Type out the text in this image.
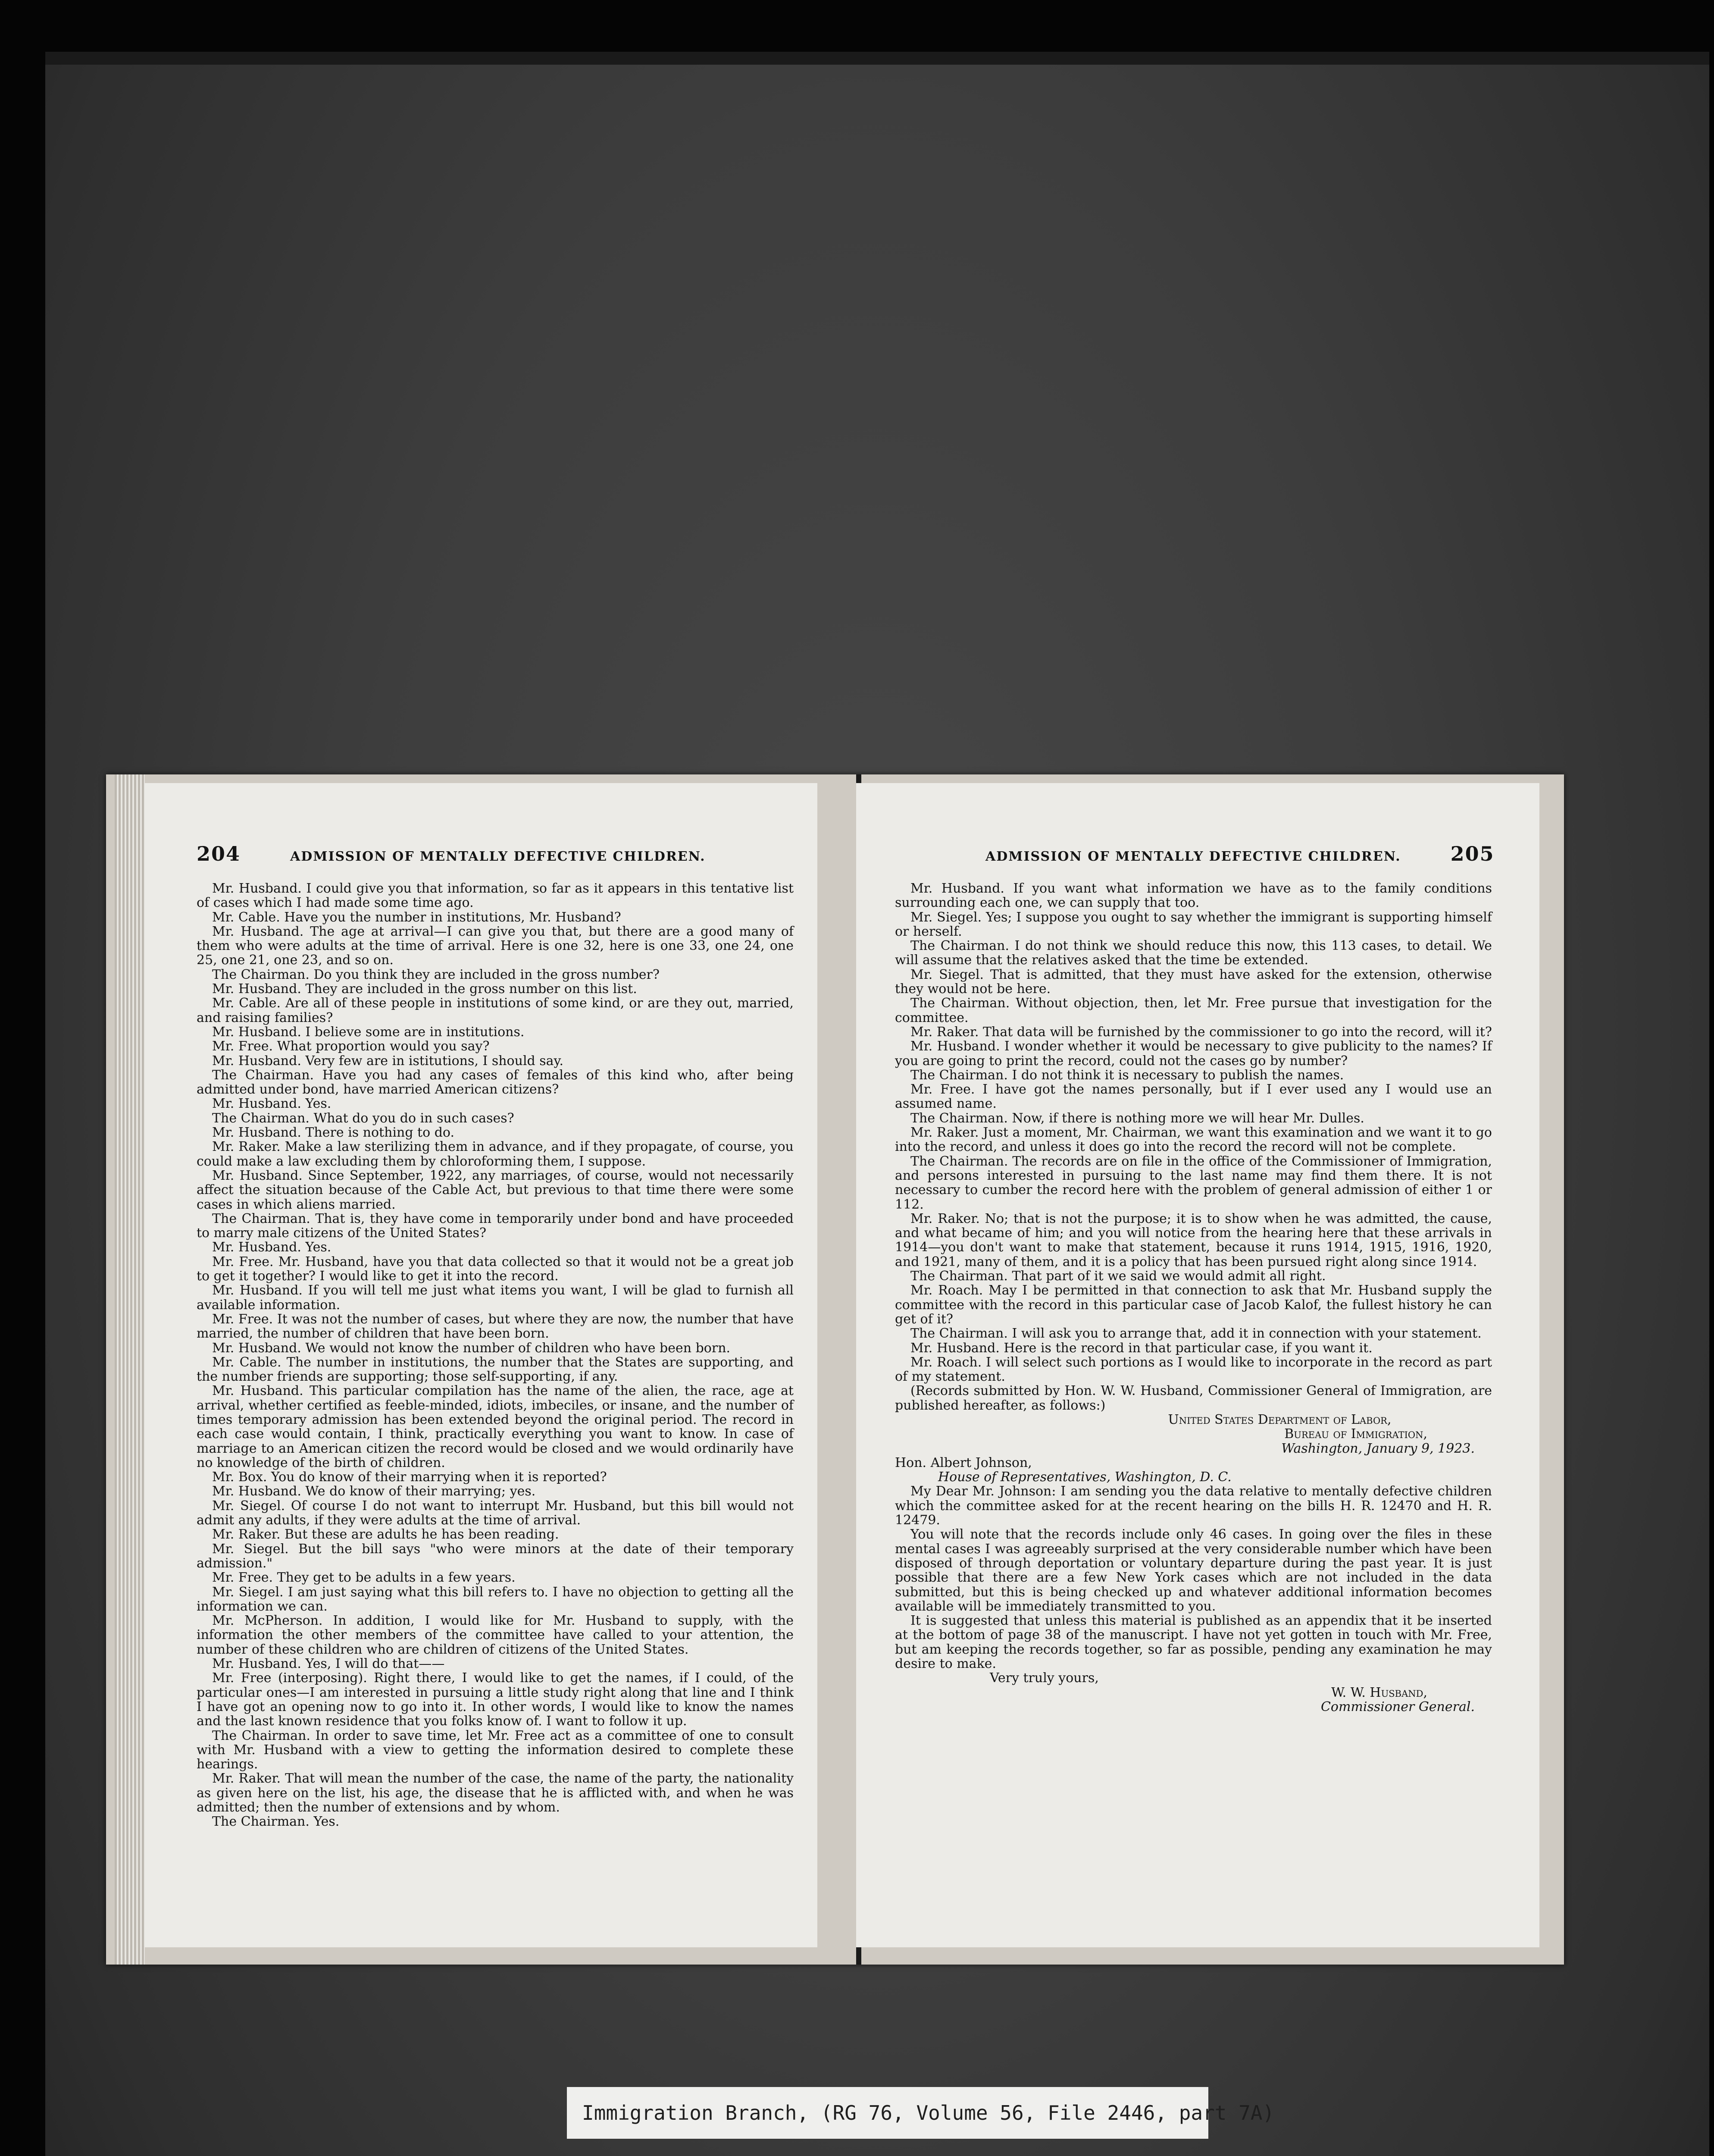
204	ADMISSION OF MENTALLY DEFECTIVE CHILDREN.

Mr. Husband. I could give you that information, so far as it appears in this tentative list of cases which I had made some time ago.

Mr. Cable. Have you the number in institutions, Mr. Husband?

Mr. Husband. The age at arrival—I can give you that, but there are a good many of them who were adults at the time of arrival. Here is one 32, here is one 33, one 24, one 25, one 21, one 23, and so on.

The Chairman. Do you think they are included in the gross number?

Mr. Husband. They are included in the gross number on this list.

Mr. Cable. Are all of these people in institutions of some kind, or are they out, married, and raising families?

Mr. Husband. I believe some are in institutions.

Mr. Free. What proportion would you say?

Mr. Husband. Very few are in istitutions, I should say.

The Chairman. Have you had any cases of females of this kind who, after being admitted under bond, have married American citizens?

Mr. Husband. Yes.

The Chairman. What do you do in such cases?

Mr. Husband. There is nothing to do.

Mr. Raker. Make a law sterilizing them in advance, and if they propagate, of course, you could make a law excluding them by chloroforming them, I suppose.

Mr. Husband. Since September, 1922, any marriages, of course, would not necessarily affect the situation because of the Cable Act, but previous to that time there were some cases in which aliens married.

The Chairman. That is, they have come in temporarily under bond and have proceeded to marry male citizens of the United States?

Mr. Husband. Yes.

Mr. Free. Mr. Husband, have you that data collected so that it would not be a great job to get it together? I would like to get it into the record.

Mr. Husband. If you will tell me just what items you want, I will be glad to furnish all available information.

Mr. Free. It was not the number of cases, but where they are now, the number that have married, the number of children that have been born.

Mr. Husband. We would not know the number of children who have been born.

Mr. Cable. The number in institutions, the number that the States are supporting, and the number friends are supporting; those self-supporting, if any.

Mr. Husband. This particular compilation has the name of the alien, the race, age at arrival, whether certified as feeble-minded, idiots, imbeciles, or insane, and the number of times temporary admission has been extended beyond the original period. The record in each case would contain, I think, practically everything you want to know. In case of marriage to an American citizen the record would be closed and we would ordinarily have no knowledge of the birth of children.

Mr. Box. You do know of their marrying when it is reported?

Mr. Husband. We do know of their marrying; yes.

Mr. Siegel. Of course I do not want to interrupt Mr. Husband, but this bill would not admit any adults, if they were adults at the time of arrival.

Mr. Raker. But these are adults he has been reading.

Mr. Siegel. But the bill says "who were minors at the date of their temporary admission."

Mr. Free. They get to be adults in a few years.

Mr. Siegel. I am just saying what this bill refers to. I have no objection to getting all the information we can.

Mr. McPherson. In addition, I would like for Mr. Husband to supply, with the information the other members of the committee have called to your attention, the number of these children who are children of citizens of the United States.

Mr. Husband. Yes, I will do that——

Mr. Free (interposing). Right there, I would like to get the names, if I could, of the particular ones—I am interested in pursuing a little study right along that line and I think I have got an opening now to go into it. In other words, I would like to know the names and the last known residence that you folks know of. I want to follow it up.

The Chairman. In order to save time, let Mr. Free act as a committee of one to consult with Mr. Husband with a view to getting the information desired to complete these hearings.

Mr. Raker. That will mean the number of the case, the name of the party, the nationality as given here on the list, his age, the disease that he is afflicted with, and when he was admitted; then the number of extensions and by whom.

The Chairman. Yes.

ADMISSION OF MENTALLY DEFECTIVE CHILDREN. 205

Mr. Husband. If you want what information we have as to the family conditions surrounding each one, we can supply that too.

Mr. Siegel. Yes; I suppose you ought to say whether the immigrant is supporting himself or herself.

The Chairman. I do not think we should reduce this now, this 113 cases, to detail. We will assume that the relatives asked that the time be extended.

Mr. Siegel. That is admitted, that they must have asked for the extension, otherwise they would not be here.

The Chairman. Without objection, then, let Mr. Free pursue that investigation for the committee.

Mr. Raker. That data will be furnished by the commissioner to go into the record, will it?

Mr. Husband. I wonder whether it would be necessary to give publicity to the names? If you are going to print the record, could not the cases go by number?

The Chairman. I do not think it is necessary to publish the names.

Mr. Free. I have got the names personally, but if I ever used any I would use an assumed name.

The Chairman. Now, if there is nothing more we will hear Mr. Dulles.

Mr. Raker. Just a moment, Mr. Chairman, we want this examination and we want it to go into the record, and unless it does go into the record the record will not be complete.

The Chairman. The records are on file in the office of the Commissioner of Immigration, and persons interested in pursuing to the last name may find them there. It is not necessary to cumber the record here with the problem of general admission of either 1 or 112.

Mr. Raker. No; that is not the purpose; it is to show when he was admitted, the cause, and what became of him; and you will notice from the hearing here that these arrivals in 1914—you don't want to make that statement, because it runs 1914, 1915, 1916, 1920, and 1921, many of them, and it is a policy that has been pursued right along since 1914.

The Chairman. That part of it we said we would admit all right.

Mr. Roach. May I be permitted in that connection to ask that Mr. Husband supply the committee with the record in this particular case of Jacob Kalof, the fullest history he can get of it?

The Chairman. I will ask you to arrange that, add it in connection with your statement.

Mr. Husband. Here is the record in that particular case, if you want it.

Mr. Roach. I will select such portions as I would like to incorporate in the record as part of my statement.

(Records submitted by Hon. W. W. Husband, Commissioner General of Immigration, are published hereafter, as follows:)

United States Department of Labor,

Bureau of Immigration,

Washington, January 9, 1923.

Hon. Albert Johnson,

House of Representatives, Washington, D. C.

My Dear Mr. Johnson: I am sending you the data relative to mentally defective children which the committee asked for at the recent hearing on the bills H. R. 12470 and H. R. 12479.

You will note that the records include only 46 cases. In going over the files in these mental cases I was agreeably surprised at the very considerable number which have been disposed of through deportation or voluntary departure during the past year. It is just possible that there are a few New York cases which are not included in the data submitted, but this is being checked up and whatever additional information becomes available will be immediately transmitted to you.

It is suggested that unless this material is published as an appendix that it be inserted at the bottom of page 38 of the manuscript. I have not yet gotten in touch with Mr. Free, but am keeping the records together, so far as possible, pending any examination he may desire to make.

Very truly yours,

W. W. Husband,

Commissioner General.

Immigration Branch, (RG 76, Volume 56, File 2446, part 7A)
